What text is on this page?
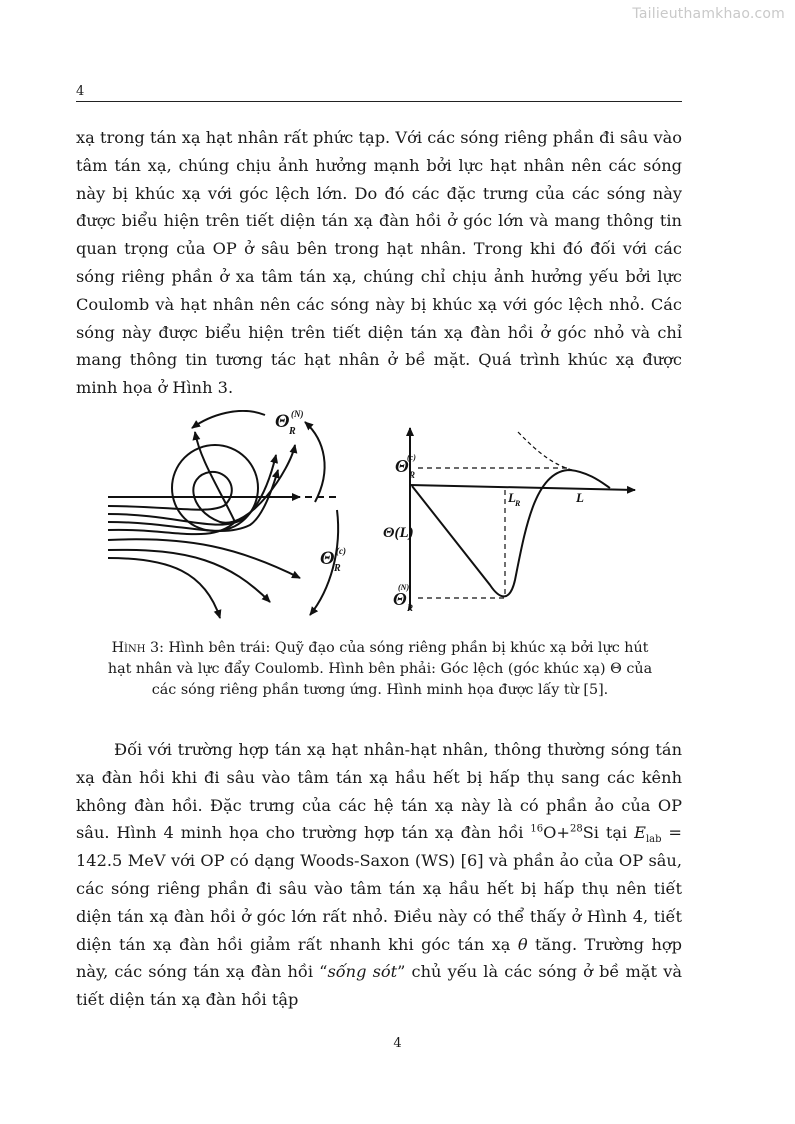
Tailieuthamkhao.com
4

xạ trong tán xạ hạt nhân rất phức tạp. Với các sóng riêng phần đi sâu vào tâm tán xạ, chúng chịu ảnh hưởng mạnh bởi lực hạt nhân nên các sóng này bị khúc xạ với góc lệch lớn. Do đó các đặc trưng của các sóng này được biểu hiện trên tiết diện tán xạ đàn hồi ở góc lớn và mang thông tin quan trọng của OP ở sâu bên trong hạt nhân. Trong khi đó đối với các sóng riêng phần ở xa tâm tán xạ, chúng chỉ chịu ảnh hưởng yếu bởi lực Coulomb và hạt nhân nên các sóng này bị khúc xạ với góc lệch nhỏ. Các sóng này được biểu hiện trên tiết diện tán xạ đàn hồi ở góc nhỏ và chỉ mang thông tin tương tác hạt nhân ở bề mặt. Quá trình khúc xạ được minh họa ở Hình 3.

Θ R
(N)
Θ R
(c)
Θ(L)
Θ R
(c)
Θ R
(N)
L R	L
Hình 3: Hình bên trái: Quỹ đạo của sóng riêng phần bị khúc xạ bởi lực hút hạt nhân và lực đẩy Coulomb. Hình bên phải: Góc lệch (góc khúc xạ) Θ của các sóng riêng phần tương ứng. Hình minh họa được lấy từ [5].

Đối với trường hợp tán xạ hạt nhân-hạt nhân, thông thường sóng tán xạ đàn hồi khi đi sâu vào tâm tán xạ hầu hết bị hấp thụ sang các kênh không đàn hồi. Đặc trưng của các hệ tán xạ này là có phần ảo của OP sâu. Hình 4 minh họa cho trường hợp tán xạ đàn hồi $^{16}$O+$^{28}$Si tại $E_{lab} = 142.5$ MeV với OP có dạng Woods-Saxon (WS) [6] và phần ảo của OP sâu, các sóng riêng phần đi sâu vào tâm tán xạ hầu hết bị hấp thụ nên tiết diện tán xạ đàn hồi ở góc lớn rất nhỏ. Điều này có thể thấy ở Hình 4, tiết diện tán xạ đàn hồi giảm rất nhanh khi góc tán xạ θ tăng. Trường hợp này, các sóng tán xạ đàn hồi “sống sót” chủ yếu là các sóng ở bề mặt và tiết diện tán xạ đàn hồi tập

4
